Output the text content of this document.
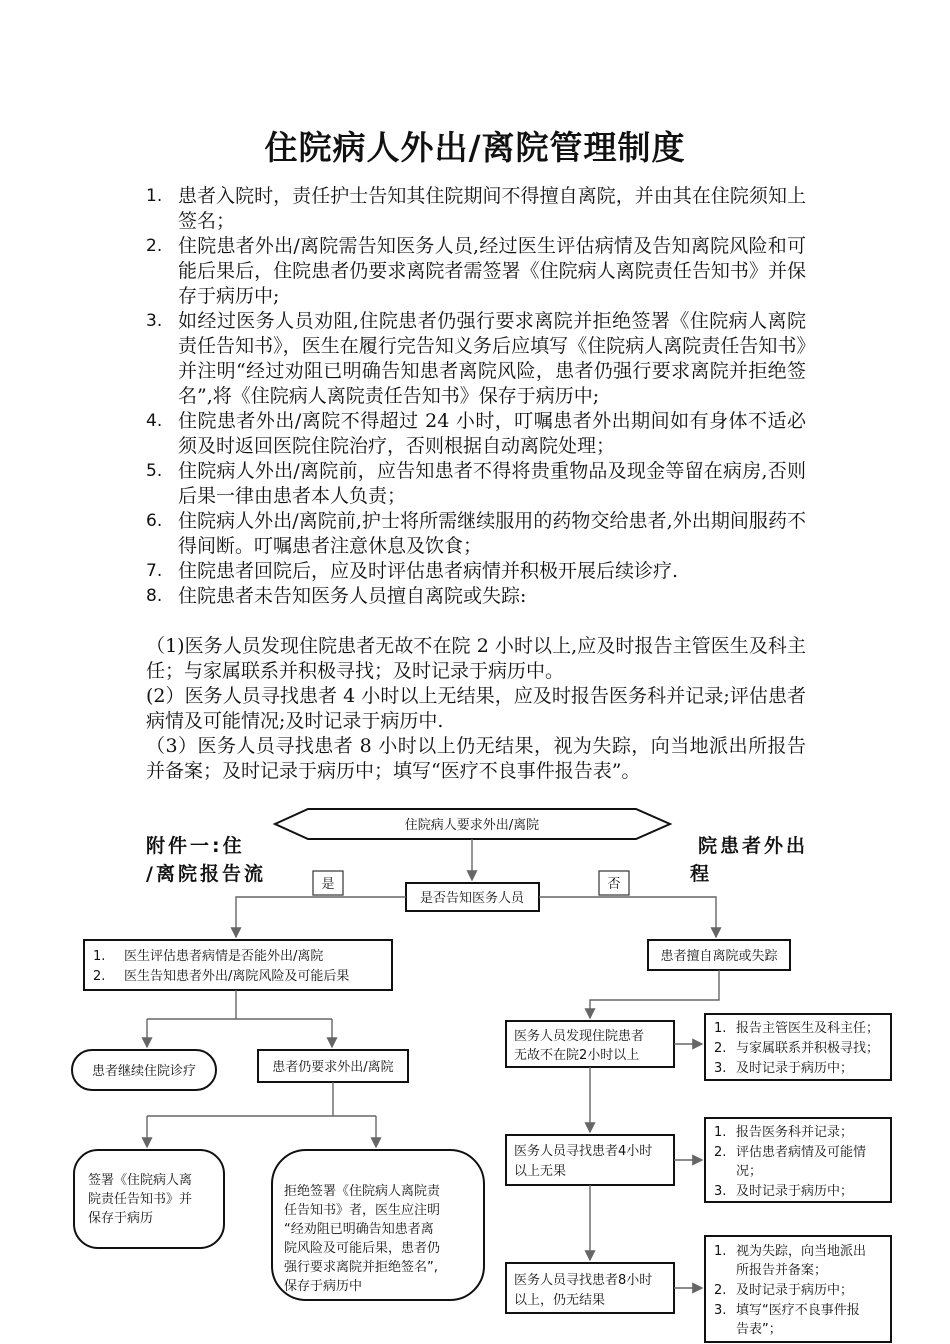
住院病人外出/离院管理制度
1. 患者入院时，责任护士告知其住院期间不得擅自离院，并由其在住院须知上签名；
2. 住院患者外出/离院需告知医务人员,经过医生评估病情及告知离院风险和可能后果后，住院患者仍要求离院者需签署《住院病人离院责任告知书》并保存于病历中;
3. 如经过医务人员劝阻,住院患者仍强行要求离院并拒绝签署《住院病人离院责任告知书》，医生在履行完告知义务后应填写《住院病人离院责任告知书》并注明“经过劝阻已明确告知患者离院风险，患者仍强行要求离院并拒绝签名”,将《住院病人离院责任告知书》保存于病历中;
4. 住院患者外出/离院不得超过 24 小时，叮嘱患者外出期间如有身体不适必须及时返回医院住院治疗，否则根据自动离院处理；
5. 住院病人外出/离院前，应告知患者不得将贵重物品及现金等留在病房,否则后果一律由患者本人负责；
6. 住院病人外出/离院前,护士将所需继续服用的药物交给患者,外出期间服药不得间断。叮嘱患者注意休息及饮食；
7. 住院患者回院后，应及时评估患者病情并积极开展后续诊疗.
8. 住院患者未告知医务人员擅自离院或失踪:
（1)医务人员发现住院患者无故不在院 2 小时以上,应及时报告主管医生及科主任；与家属联系并积极寻找；及时记录于病历中。
(2）医务人员寻找患者 4 小时以上无结果，应及时报告医务科并记录;评估患者病情及可能情况;及时记录于病历中.
（3）医务人员寻找患者 8 小时以上仍无结果，视为失踪，向当地派出所报告并备案；及时记录于病历中；填写“医疗不良事件报告表”。
附件一:住
/离院报告流
院患者外出
程
住院病人要求外出/离院
是	否
是否告知医务人员
1. 医生评估患者病情是否能外出/离院
2. 医生告知患者外出/离院风险及可能后果
患者继续住院诊疗	患者仍要求外出/离院
签署《住院病人离
院责任告知书》并
保存于病历
拒绝签署《住院病人离院责
任告知书》者，医生应注明
“经劝阻已明确告知患者离
院风险及可能后果，患者仍
强行要求离院并拒绝签名”,
保存于病历中
患者擅自离院或失踪
医务人员发现住院患者
无故不在院2小时以上
1. 报告主管医生及科主任；
2. 与家属联系并积极寻找；
3. 及时记录于病历中；
医务人员寻找患者4小时
以上无果
1. 报告医务科并记录；
2. 评估患者病情及可能情
况；
3. 及时记录于病历中；
医务人员寻找患者8小时
以上，仍无结果
1. 视为失踪，向当地派出
所报告并备案；
2. 及时记录于病历中；
3. 填写“医疗不良事件报
告表”；
